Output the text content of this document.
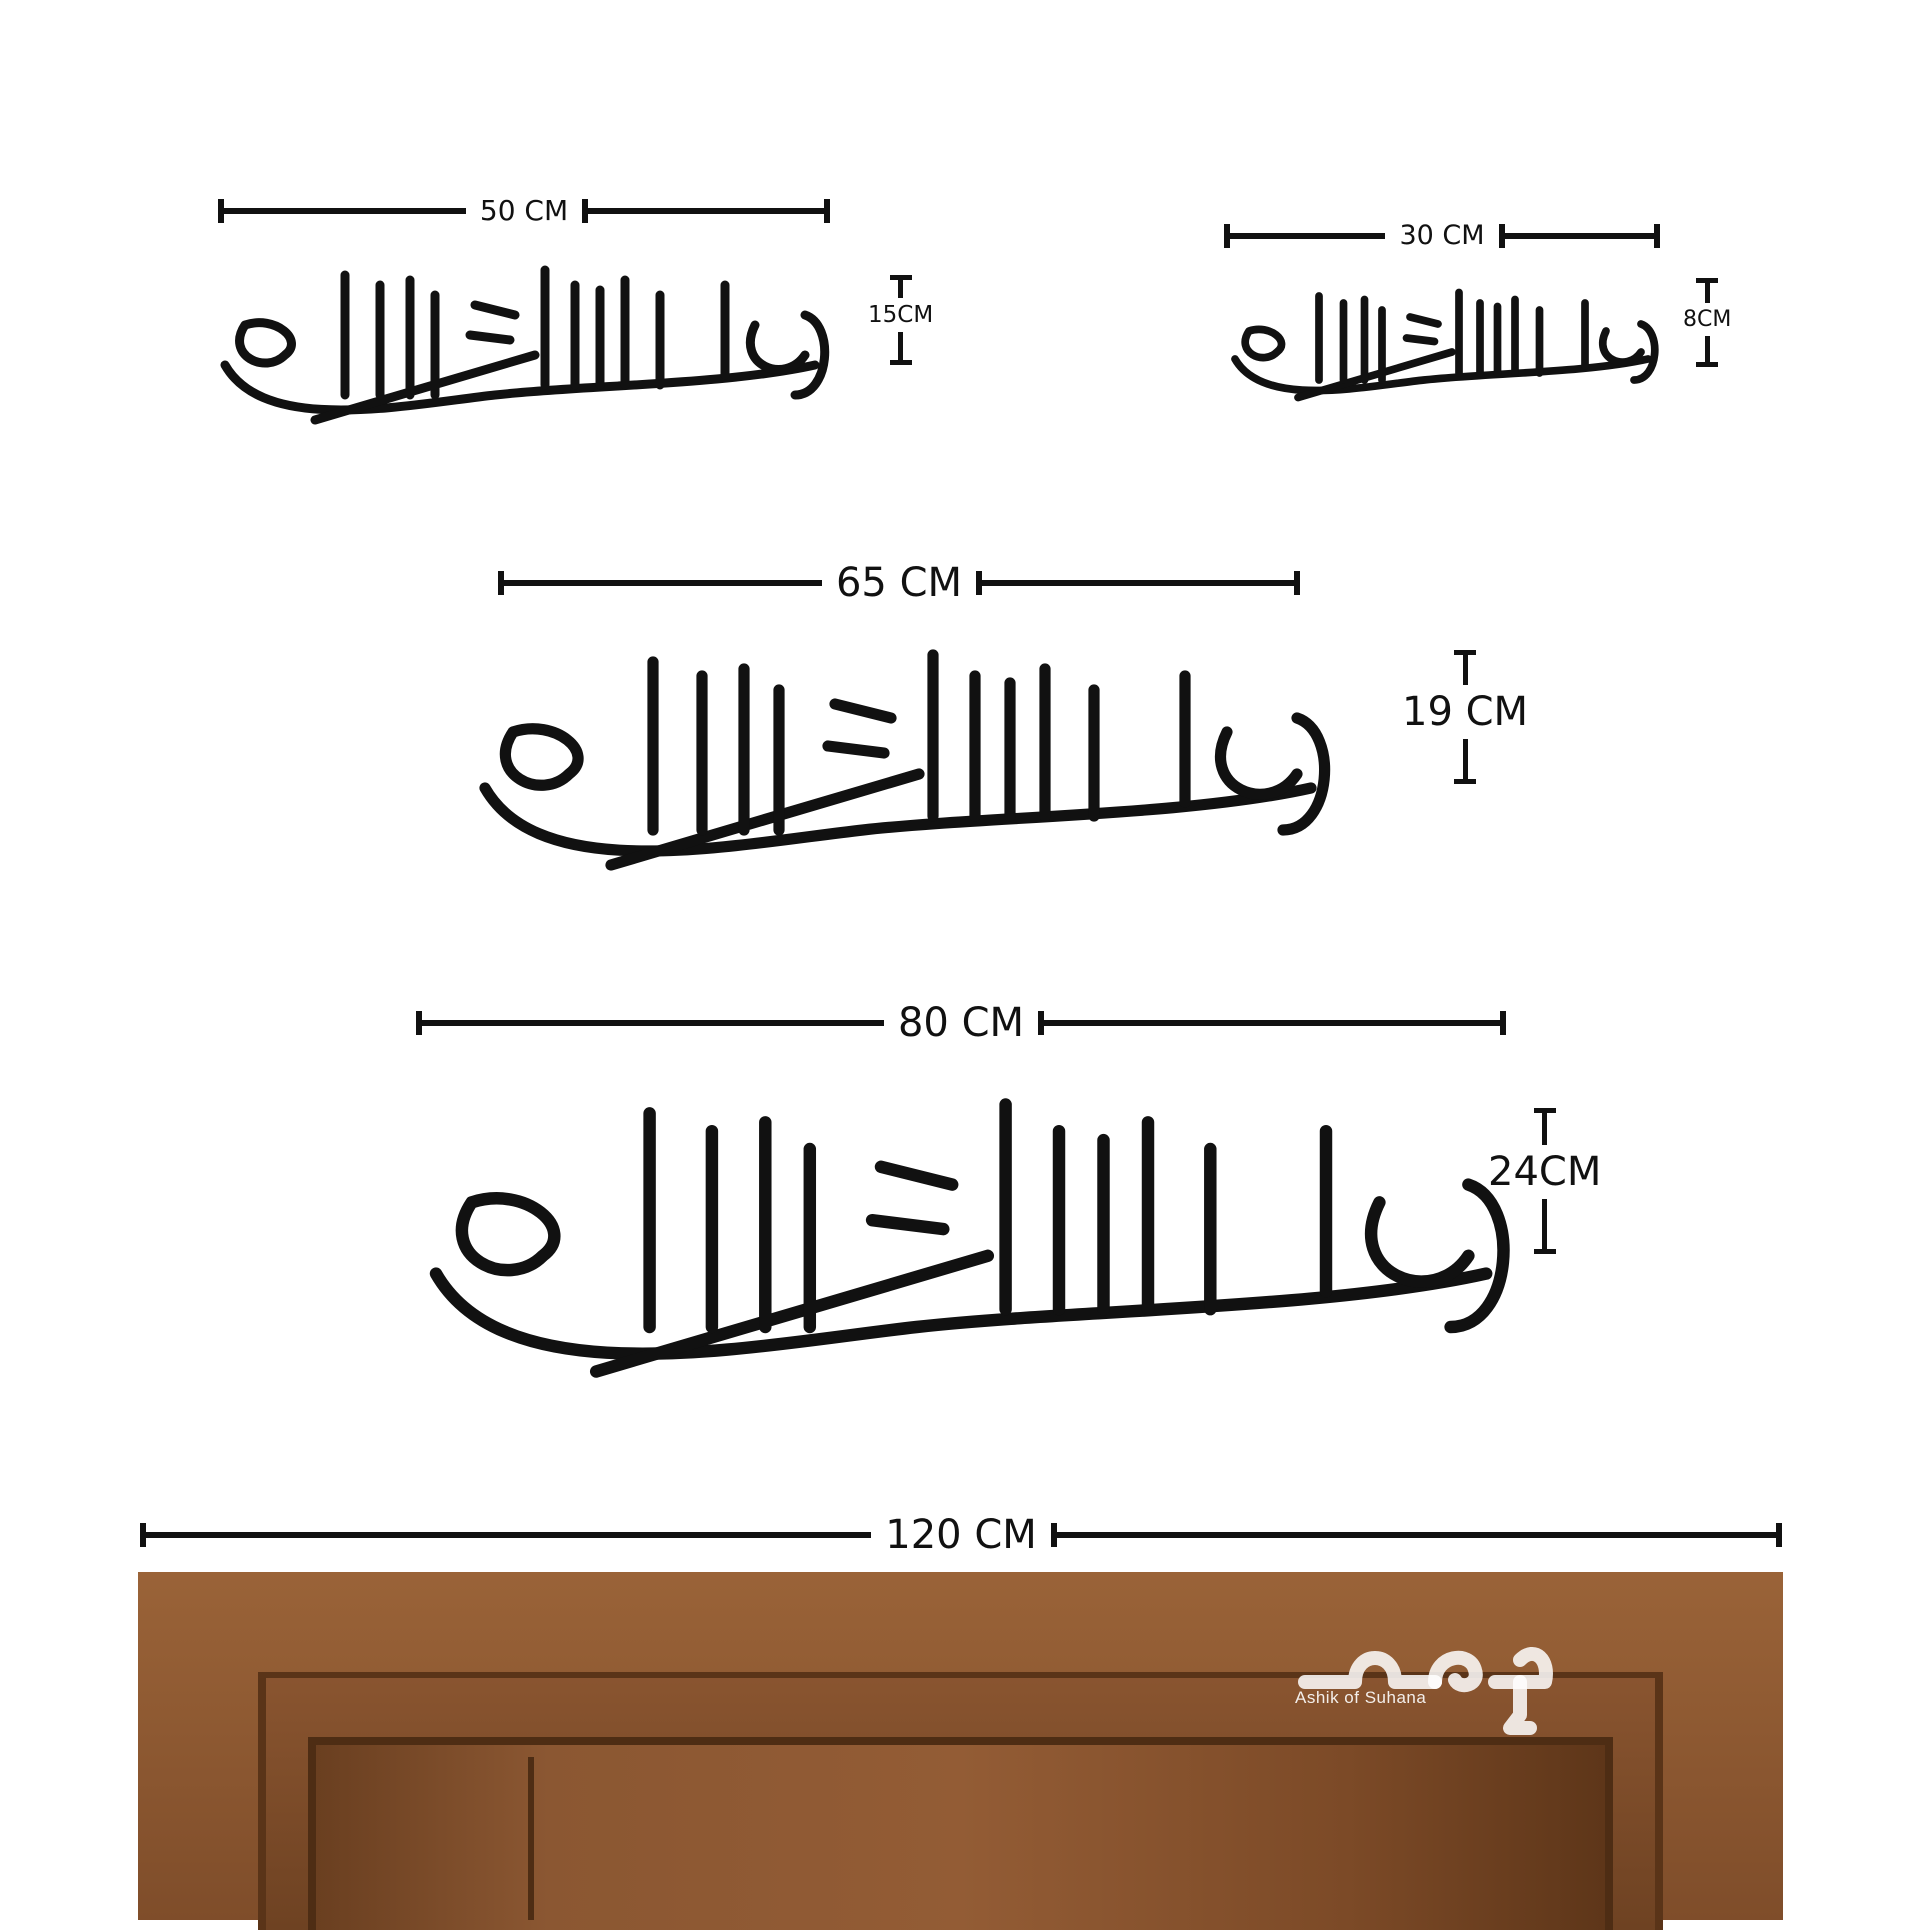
50 CM
15CM
30 CM
8CM
65 CM
19 CM
80 CM
24CM
120 CM
Ashik of Suhana
